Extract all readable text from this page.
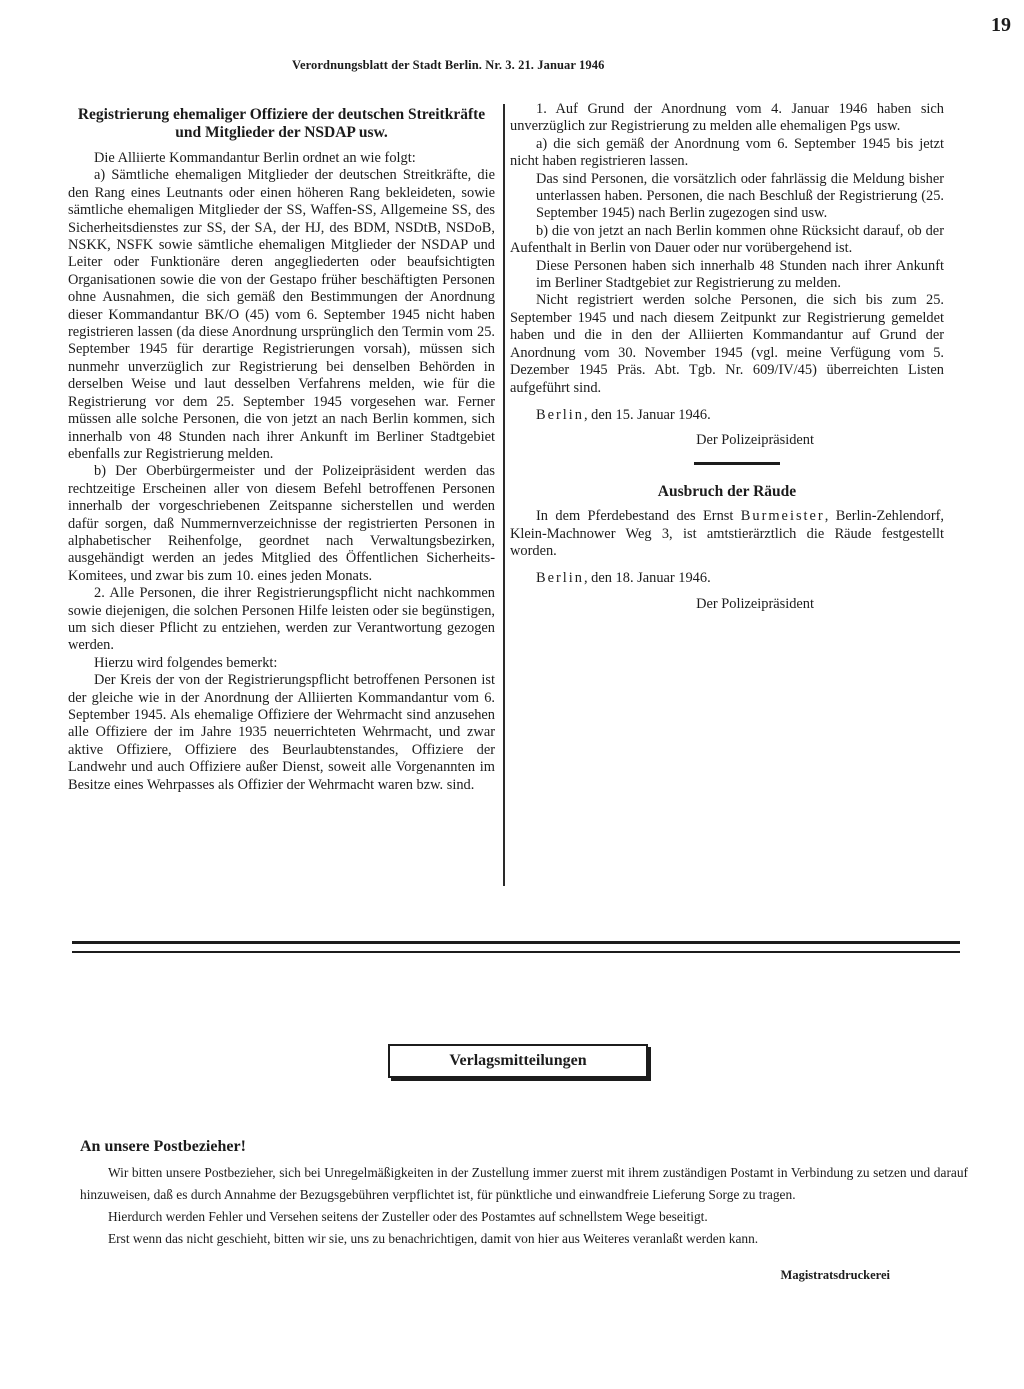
19
Verordnungsblatt der Stadt Berlin. Nr. 3. 21. Januar 1946

Registrierung ehemaliger Offiziere der deutschen Streitkräfte und Mitglieder der NSDAP usw.

Die Alliierte Kommandantur Berlin ordnet an wie folgt:

a) Sämtliche ehemaligen Mitglieder der deutschen Streitkräfte, die den Rang eines Leutnants oder einen höheren Rang bekleideten, sowie sämtliche ehemaligen Mitglieder der SS, Waffen-SS, Allgemeine SS, des Sicherheitsdienstes zur SS, der SA, der HJ, des BDM, NSDtB, NSDoB, NSKK, NSFK sowie sämtliche ehemaligen Mitglieder der NSDAP und Leiter oder Funktionäre deren angegliederten oder beaufsichtigten Organisationen sowie die von der Gestapo früher beschäftigten Personen ohne Ausnahmen, die sich gemäß den Bestimmungen der Anordnung dieser Kommandantur BK/O (45) vom 6. September 1945 nicht haben registrieren lassen (da diese Anordnung ursprünglich den Termin vom 25. September 1945 für derartige Registrierungen vorsah), müssen sich nunmehr unverzüglich zur Registrierung bei denselben Behörden in derselben Weise und laut desselben Verfahrens melden, wie für die Registrierung vor dem 25. September 1945 vorgesehen war. Ferner müssen alle solche Personen, die von jetzt an nach Berlin kommen, sich innerhalb von 48 Stunden nach ihrer Ankunft im Berliner Stadtgebiet ebenfalls zur Registrierung melden.

b) Der Oberbürgermeister und der Polizeipräsident werden das rechtzeitige Erscheinen aller von diesem Befehl betroffenen Personen innerhalb der vorgeschriebenen Zeitspanne sicherstellen und werden dafür sorgen, daß Nummernverzeichnisse der registrierten Personen in alphabetischer Reihenfolge, geordnet nach Verwaltungsbezirken, ausgehändigt werden an jedes Mitglied des Öffentlichen Sicherheits-Komitees, und zwar bis zum 10. eines jeden Monats.

2. Alle Personen, die ihrer Registrierungspflicht nicht nachkommen sowie diejenigen, die solchen Personen Hilfe leisten oder sie begünstigen, um sich dieser Pflicht zu entziehen, werden zur Verantwortung gezogen werden.

Hierzu wird folgendes bemerkt:

Der Kreis der von der Registrierungspflicht betroffenen Personen ist der gleiche wie in der Anordnung der Alliierten Kommandantur vom 6. September 1945. Als ehemalige Offiziere der Wehrmacht sind anzusehen alle Offiziere der im Jahre 1935 neuerrichteten Wehrmacht, und zwar aktive Offiziere, Offiziere des Beurlaubtenstandes, Offiziere der Landwehr und auch Offiziere außer Dienst, soweit alle Vorgenannten im Besitze eines Wehrpasses als Offizier der Wehrmacht waren bzw. sind.

1. Auf Grund der Anordnung vom 4. Januar 1946 haben sich unverzüglich zur Registrierung zu melden alle ehemaligen Pgs usw.

a) die sich gemäß der Anordnung vom 6. September 1945 bis jetzt nicht haben registrieren lassen.

Das sind Personen, die vorsätzlich oder fahrlässig die Meldung bisher unterlassen haben. Personen, die nach Beschluß der Registrierung (25. September 1945) nach Berlin zugezogen sind usw.

b) die von jetzt an nach Berlin kommen ohne Rücksicht darauf, ob der Aufenthalt in Berlin von Dauer oder nur vorübergehend ist.

Diese Personen haben sich innerhalb 48 Stunden nach ihrer Ankunft im Berliner Stadtgebiet zur Registrierung zu melden.

Nicht registriert werden solche Personen, die sich bis zum 25. September 1945 und nach diesem Zeitpunkt zur Registrierung gemeldet haben und die in den der Alliierten Kommandantur auf Grund der Anordnung vom 30. November 1945 (vgl. meine Verfügung vom 5. Dezember 1945 Präs. Abt. Tgb. Nr. 609/IV/45) überreichten Listen aufgeführt sind.

Berlin, den 15. Januar 1946.

Der Polizeipräsident

Ausbruch der Räude

In dem Pferdebestand des Ernst Burmeister, Berlin-Zehlendorf, Klein-Machnower Weg 3, ist amtstierärztlich die Räude festgestellt worden.

Berlin, den 18. Januar 1946.

Der Polizeipräsident

Verlagsmitteilungen
An unsere Postbezieher!

Wir bitten unsere Postbezieher, sich bei Unregelmäßigkeiten in der Zustellung immer zuerst mit ihrem zuständigen Postamt in Verbindung zu setzen und darauf hinzuweisen, daß es durch Annahme der Bezugsgebühren verpflichtet ist, für pünktliche und einwandfreie Lieferung Sorge zu tragen.

Hierdurch werden Fehler und Versehen seitens der Zusteller oder des Postamtes auf schnellstem Wege beseitigt.

Erst wenn das nicht geschieht, bitten wir sie, uns zu benachrichtigen, damit von hier aus Weiteres veranlaßt werden kann.

Magistratsdruckerei
